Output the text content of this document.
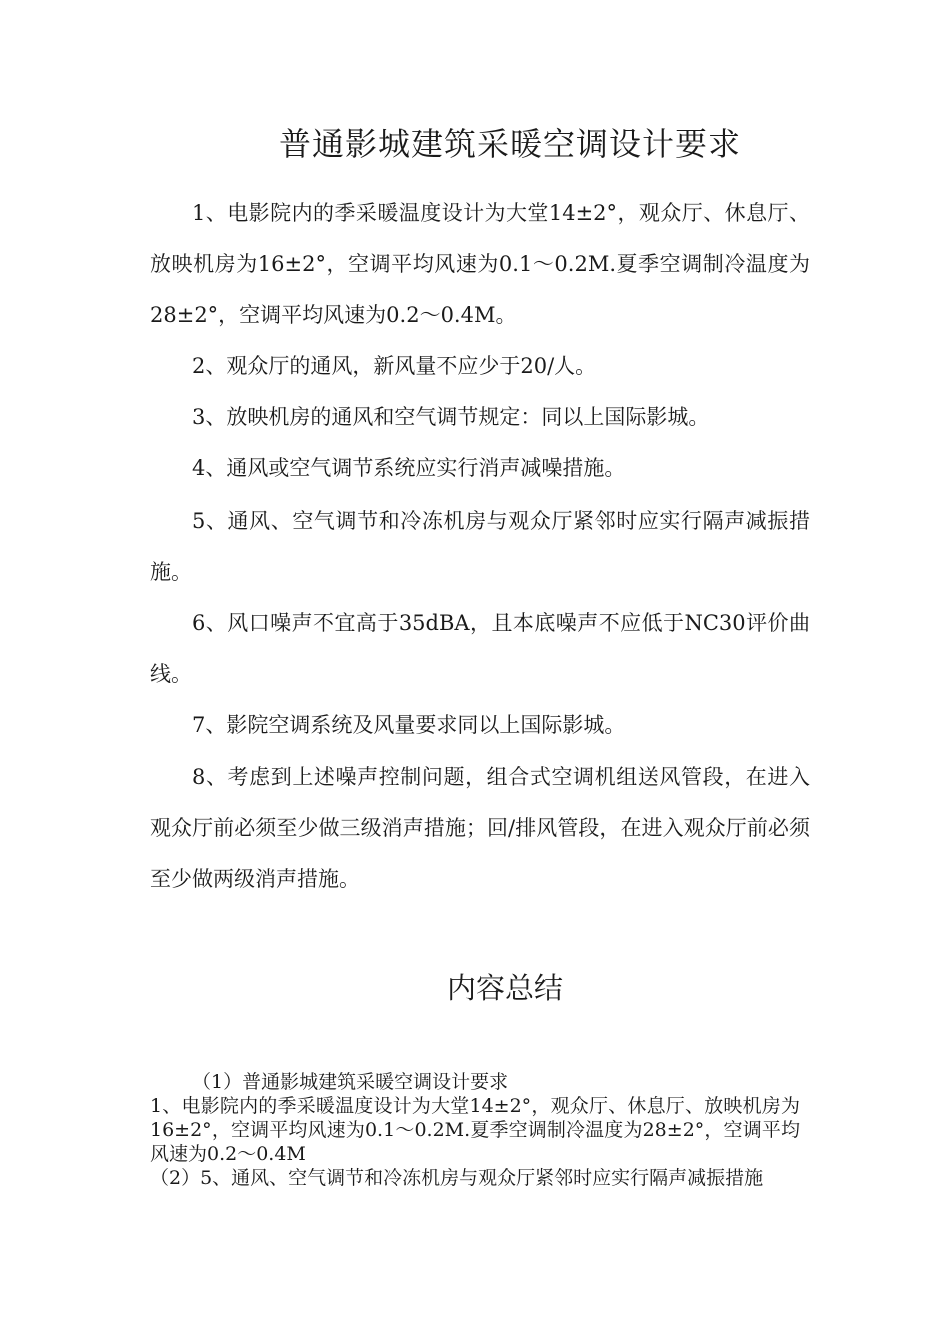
普通影城建筑采暖空调设计要求
1、电影院内的季采暖温度设计为大堂14±2°，观众厅、休息厅、放映机房为16±2°，空调平均风速为0.1～0.2M.夏季空调制冷温度为28±2°，空调平均风速为0.2～0.4M。
2、观众厅的通风，新风量不应少于20/人。
3、放映机房的通风和空气调节规定：同以上国际影城。
4、通风或空气调节系统应实行消声减噪措施。
5、通风、空气调节和冷冻机房与观众厅紧邻时应实行隔声减振措施。
6、风口噪声不宜高于35dBA，且本底噪声不应低于NC30评价曲线。
7、影院空调系统及风量要求同以上国际影城。
8、考虑到上述噪声控制问题，组合式空调机组送风管段，在进入观众厅前必须至少做三级消声措施；回/排风管段，在进入观众厅前必须至少做两级消声措施。
内容总结
（1）普通影城建筑采暖空调设计要求
1、电影院内的季采暖温度设计为大堂14±2°，观众厅、休息厅、放映机房为16±2°，空调平均风速为0.1～0.2M.夏季空调制冷温度为28±2°，空调平均风速为0.2～0.4M
（2）5、通风、空气调节和冷冻机房与观众厅紧邻时应实行隔声减振措施
